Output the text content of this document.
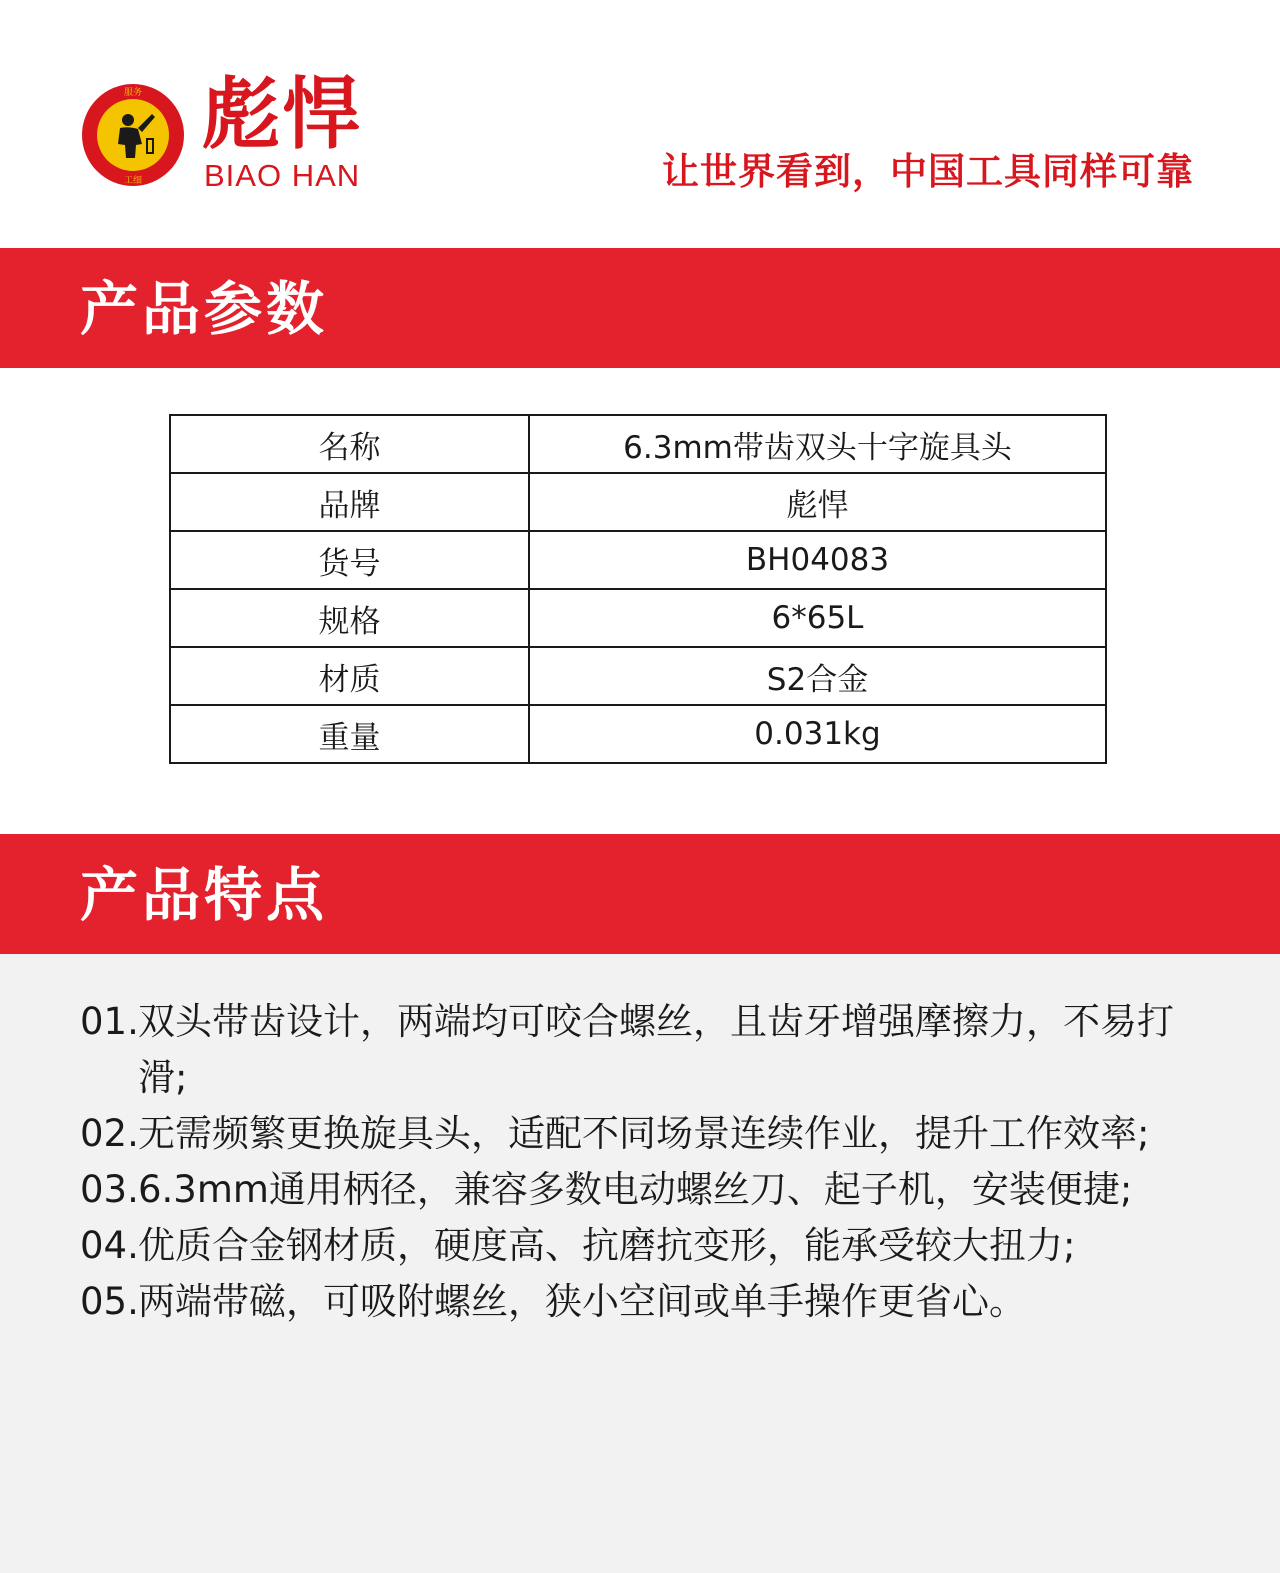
服务
工细
彪悍
BIAO HAN	让世界看到，中国工具同样可靠
产品参数
名称	6.3mm带齿双头十字旋具头
品牌	彪悍
货号	BH04083
规格	6*65L
材质	S2合金
重量	0.031kg
产品特点
01. 双头带齿设计，两端均可咬合螺丝，且齿牙增强摩擦力，不易打滑;
02. 无需频繁更换旋具头，适配不同场景连续作业，提升工作效率;
03. 6.3mm通用柄径，兼容多数电动螺丝刀、起子机，安装便捷;
04. 优质合金钢材质，硬度高、抗磨抗变形，能承受较大扭力;
05. 两端带磁，可吸附螺丝，狭小空间或单手操作更省心。
